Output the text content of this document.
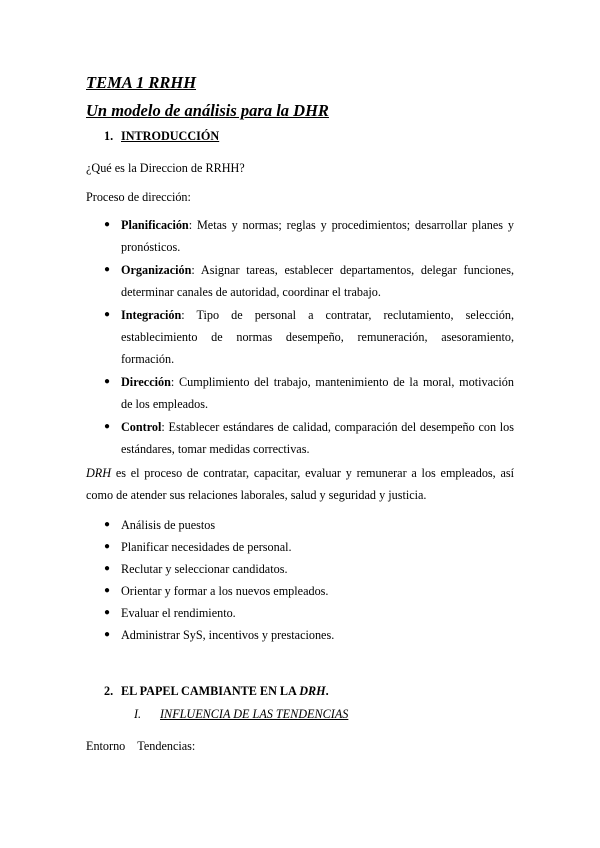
TEMA 1 RRHH
Un modelo de análisis para la DHR
1. INTRODUCCIÓN
¿Qué es la Direccion de RRHH?
Proceso de dirección:
● Planificación: Metas y normas; reglas y procedimientos; desarrollar planes y pronósticos.
● Organización: Asignar tareas, establecer departamentos, delegar funciones, determinar canales de autoridad, coordinar el trabajo.
● Integración: Tipo de personal a contratar, reclutamiento, selección, establecimiento de normas desempeño, remuneración, asesoramiento, formación.
● Dirección: Cumplimiento del trabajo, mantenimiento de la moral, motivación de los empleados.
● Control: Establecer estándares de calidad, comparación del desempeño con los estándares, tomar medidas correctivas.
DRH es el proceso de contratar, capacitar, evaluar y remunerar a los empleados, así como de atender sus relaciones laborales, salud y seguridad y justicia.
● Análisis de puestos
● Planificar necesidades de personal.
● Reclutar y seleccionar candidatos.
● Orientar y formar a los nuevos empleados.
● Evaluar el rendimiento.
● Administrar SyS, incentivos y prestaciones.
2. EL PAPEL CAMBIANTE EN LA DRH.
I. INFLUENCIA DE LAS TENDENCIAS
Entorno Tendencias:
